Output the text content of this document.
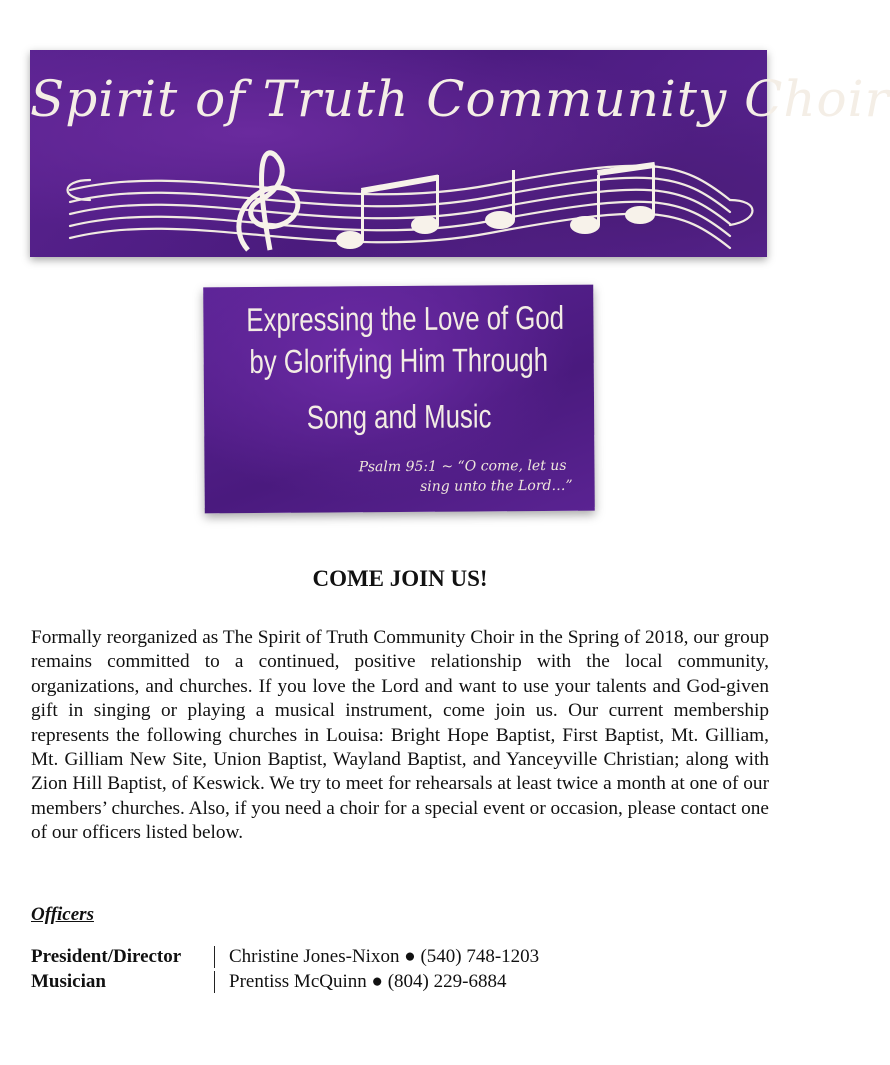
Spirit of Truth Community Choir
Expressing the Love of God
by Glorifying Him Through
Song and Music
Psalm 95:1 ~ “O come, let us
sing unto the Lord…”
COME JOIN US!
Formally reorganized as The Spirit of Truth Community Choir in the Spring of 2018, our group remains committed to a continued, positive relationship with the local community, organizations, and churches. If you love the Lord and want to use your talents and God-given gift in singing or playing a musical instrument, come join us. Our current membership represents the following churches in Louisa: Bright Hope Baptist, First Baptist, Mt. Gilliam, Mt. Gilliam New Site, Union Baptist, Wayland Baptist, and Yanceyville Christian; along with Zion Hill Baptist, of Keswick. We try to meet for rehearsals at least twice a month at one of our members’ churches. Also, if you need a choir for a special event or occasion, please contact one of our officers listed below.
Officers
President/Director	Christine Jones-Nixon ● (540) 748-1203
Musician	Prentiss McQuinn ● (804) 229-6884
